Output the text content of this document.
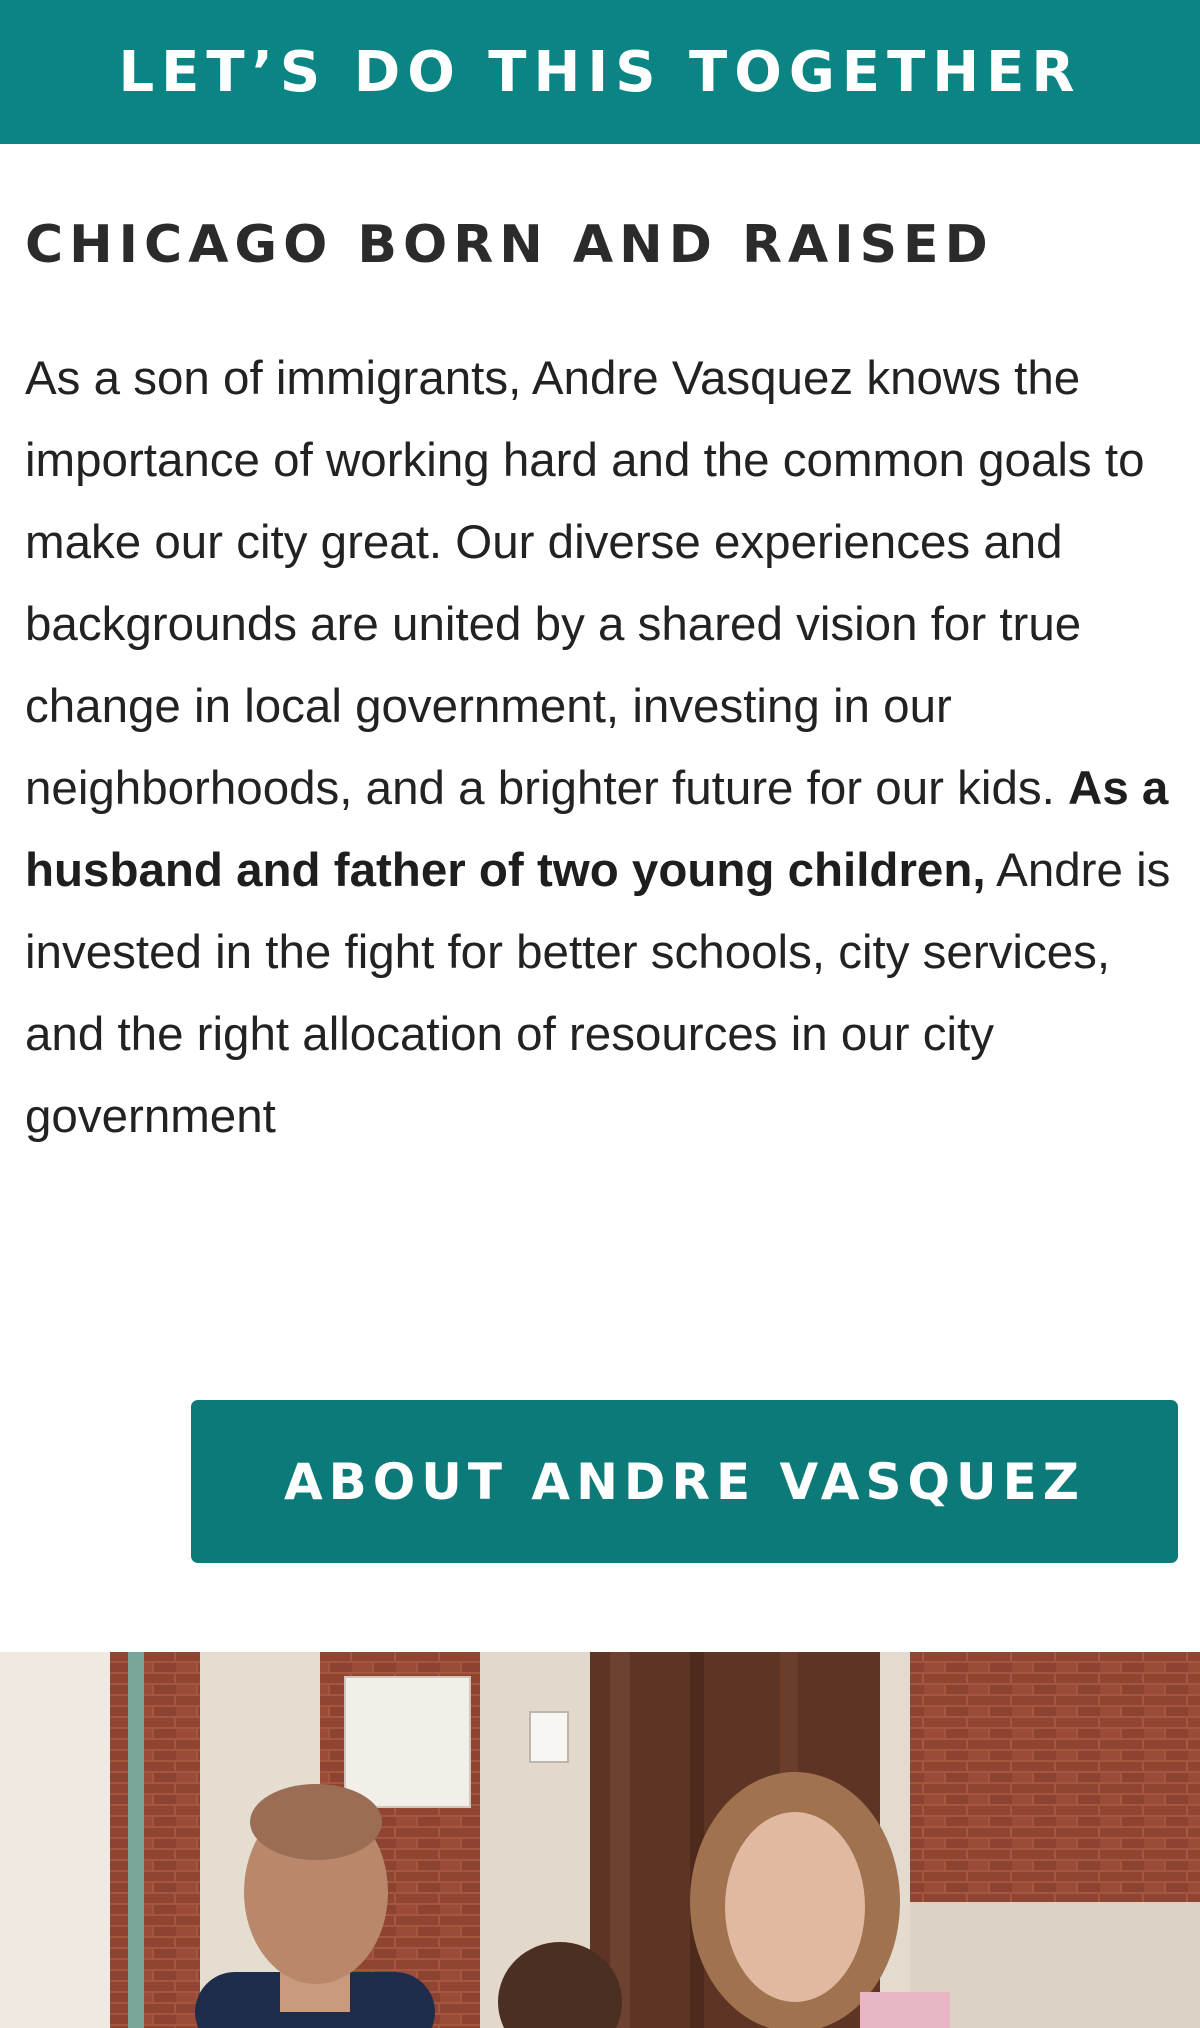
LET’S DO THIS TOGETHER
CHICAGO BORN AND RAISED

As a son of immigrants, Andre Vasquez knows the importance of working hard and the common goals to make our city great. Our diverse experiences and backgrounds are united by a shared vision for true change in local government, investing in our neighborhoods, and a brighter future for our kids. As a husband and father of two young children, Andre is invested in the fight for better schools, city services, and the right allocation of resources in our city government

ABOUT ANDRE VASQUEZ
